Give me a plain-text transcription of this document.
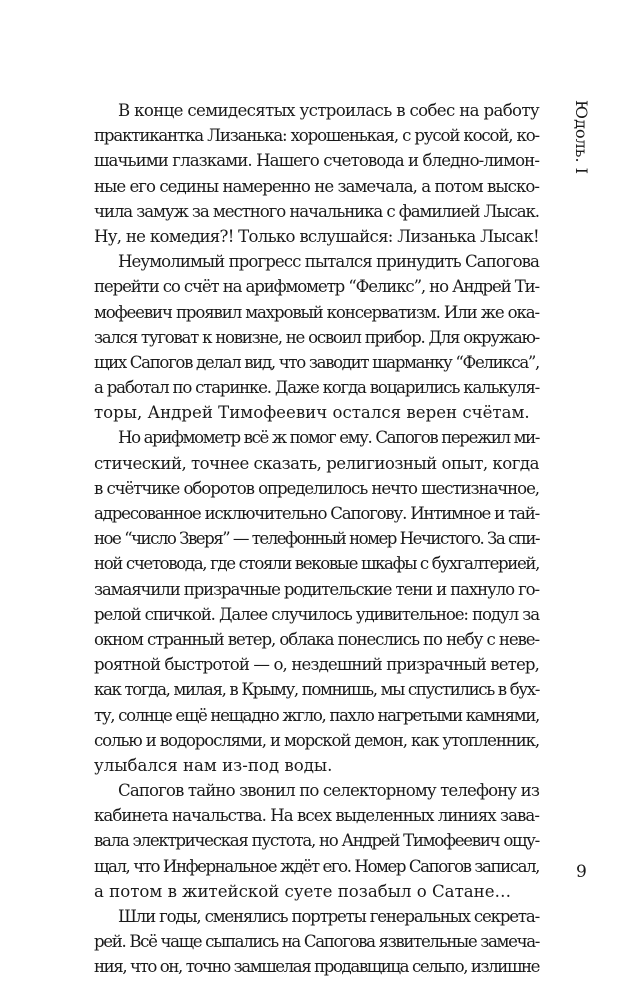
Юдоль. I

В конце семидесятых устроилась в собес на работу
практикантка Лизанька: хорошенькая, с русой косой, ко-
шачьими глазками. Нашего счетовода и бледно-лимон-
ные его седины намеренно не замечала, а потом выско-
чила замуж за местного начальника с фамилией Лысак.
Ну, не комедия?! Только вслушайся: Лизанька Лысак!

Неумолимый прогресс пытался принудить Сапогова
перейти со счёт на арифмометр “Феликс”, но Андрей Ти-
мофеевич проявил махровый консерватизм. Или же ока-
зался туговат к новизне, не освоил прибор. Для окружаю-
щих Сапогов делал вид, что заводит шарманку “Феликса”,
а работал по старинке. Даже когда воцарились калькуля-
торы, Андрей Тимофеевич остался верен счётам.

Но арифмометр всё ж помог ему. Сапогов пережил ми-
стический, точнее сказать, религиозный опыт, когда
в счётчике оборотов определилось нечто шестизначное,
адресованное исключительно Сапогову. Интимное и тай-
ное “число Зверя” — телефонный номер Нечистого. За спи-
ной счетовода, где стояли вековые шкафы с бухгалтерией,
замаячили призрачные родительские тени и пахнуло го-
релой спичкой. Далее случилось удивительное: подул за
окном странный ветер, облака понеслись по небу с неве-
роятной быстротой — о, нездешний призрачный ветер,
как тогда, милая, в Крыму, помнишь, мы спустились в бух-
ту, солнце ещё нещадно жгло, пахло нагретыми камнями,
солью и водорослями, и морской демон, как утопленник,
улыбался нам из-под воды.

Сапогов тайно звонил по селекторному телефону из
кабинета начальства. На всех выделенных линиях зава-
вала электрическая пустота, но Андрей Тимофеевич ощу-
щал, что Инфернальное ждёт его. Номер Сапогов записал,
а потом в житейской суете позабыл о Сатане…

Шли годы, сменялись портреты генеральных секрета-
рей. Всё чаще сыпались на Сапогова язвительные замеча-
ния, что он, точно замшелая продавщица сельпо, излишне

9
